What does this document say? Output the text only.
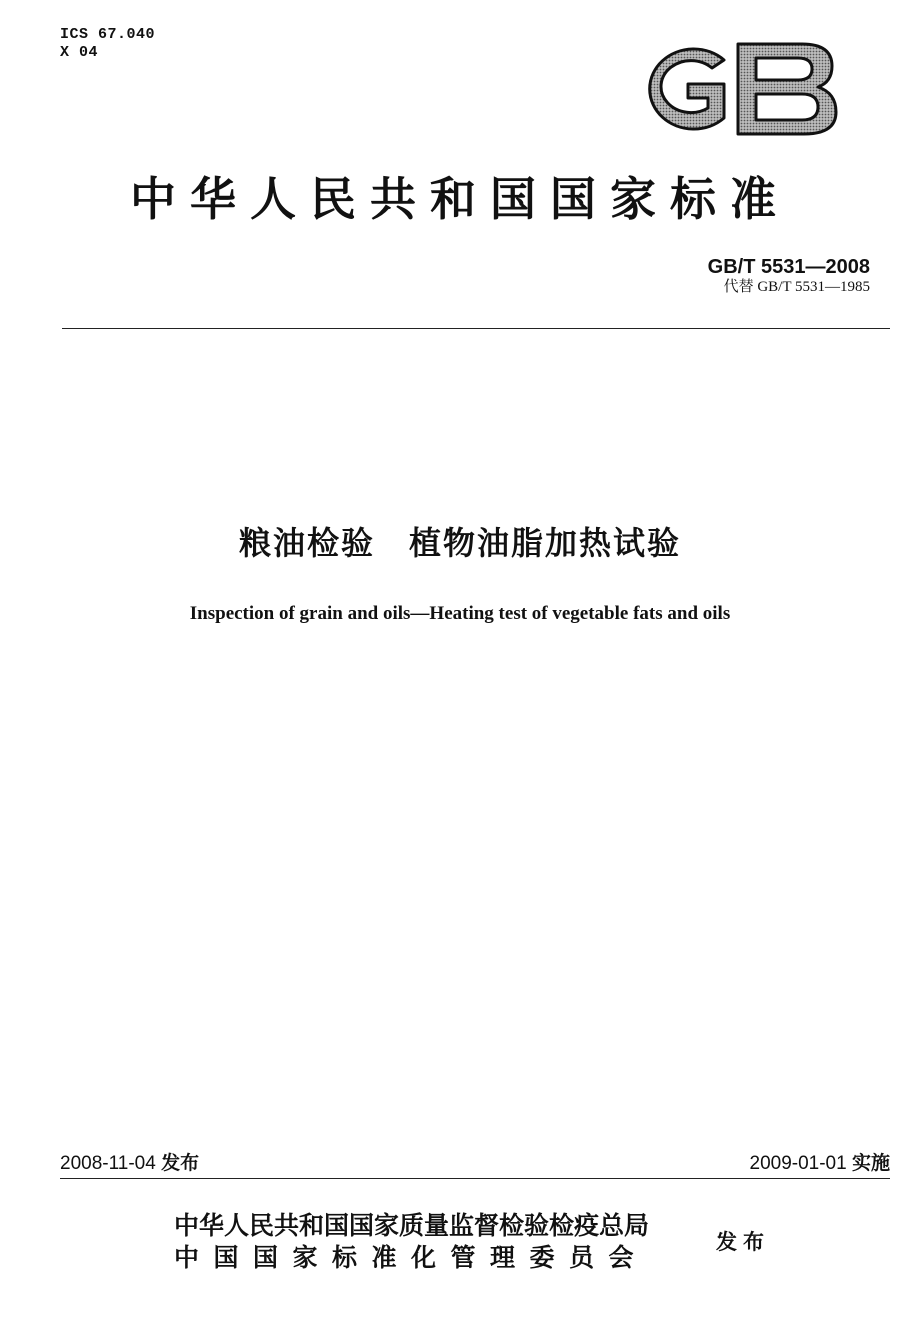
ICS 67.040
X 04
中华人民共和国国家标准
GB/T 5531—2008
代替 GB/T 5531—1985
粮油检验　植物油脂加热试验
Inspection of grain and oils—Heating test of vegetable fats and oils
2008-11-04 发布	2009-01-01 实施
中华人民共和国国家质量监督检验检疫总局
中国国家标准化管理委员会
发布
